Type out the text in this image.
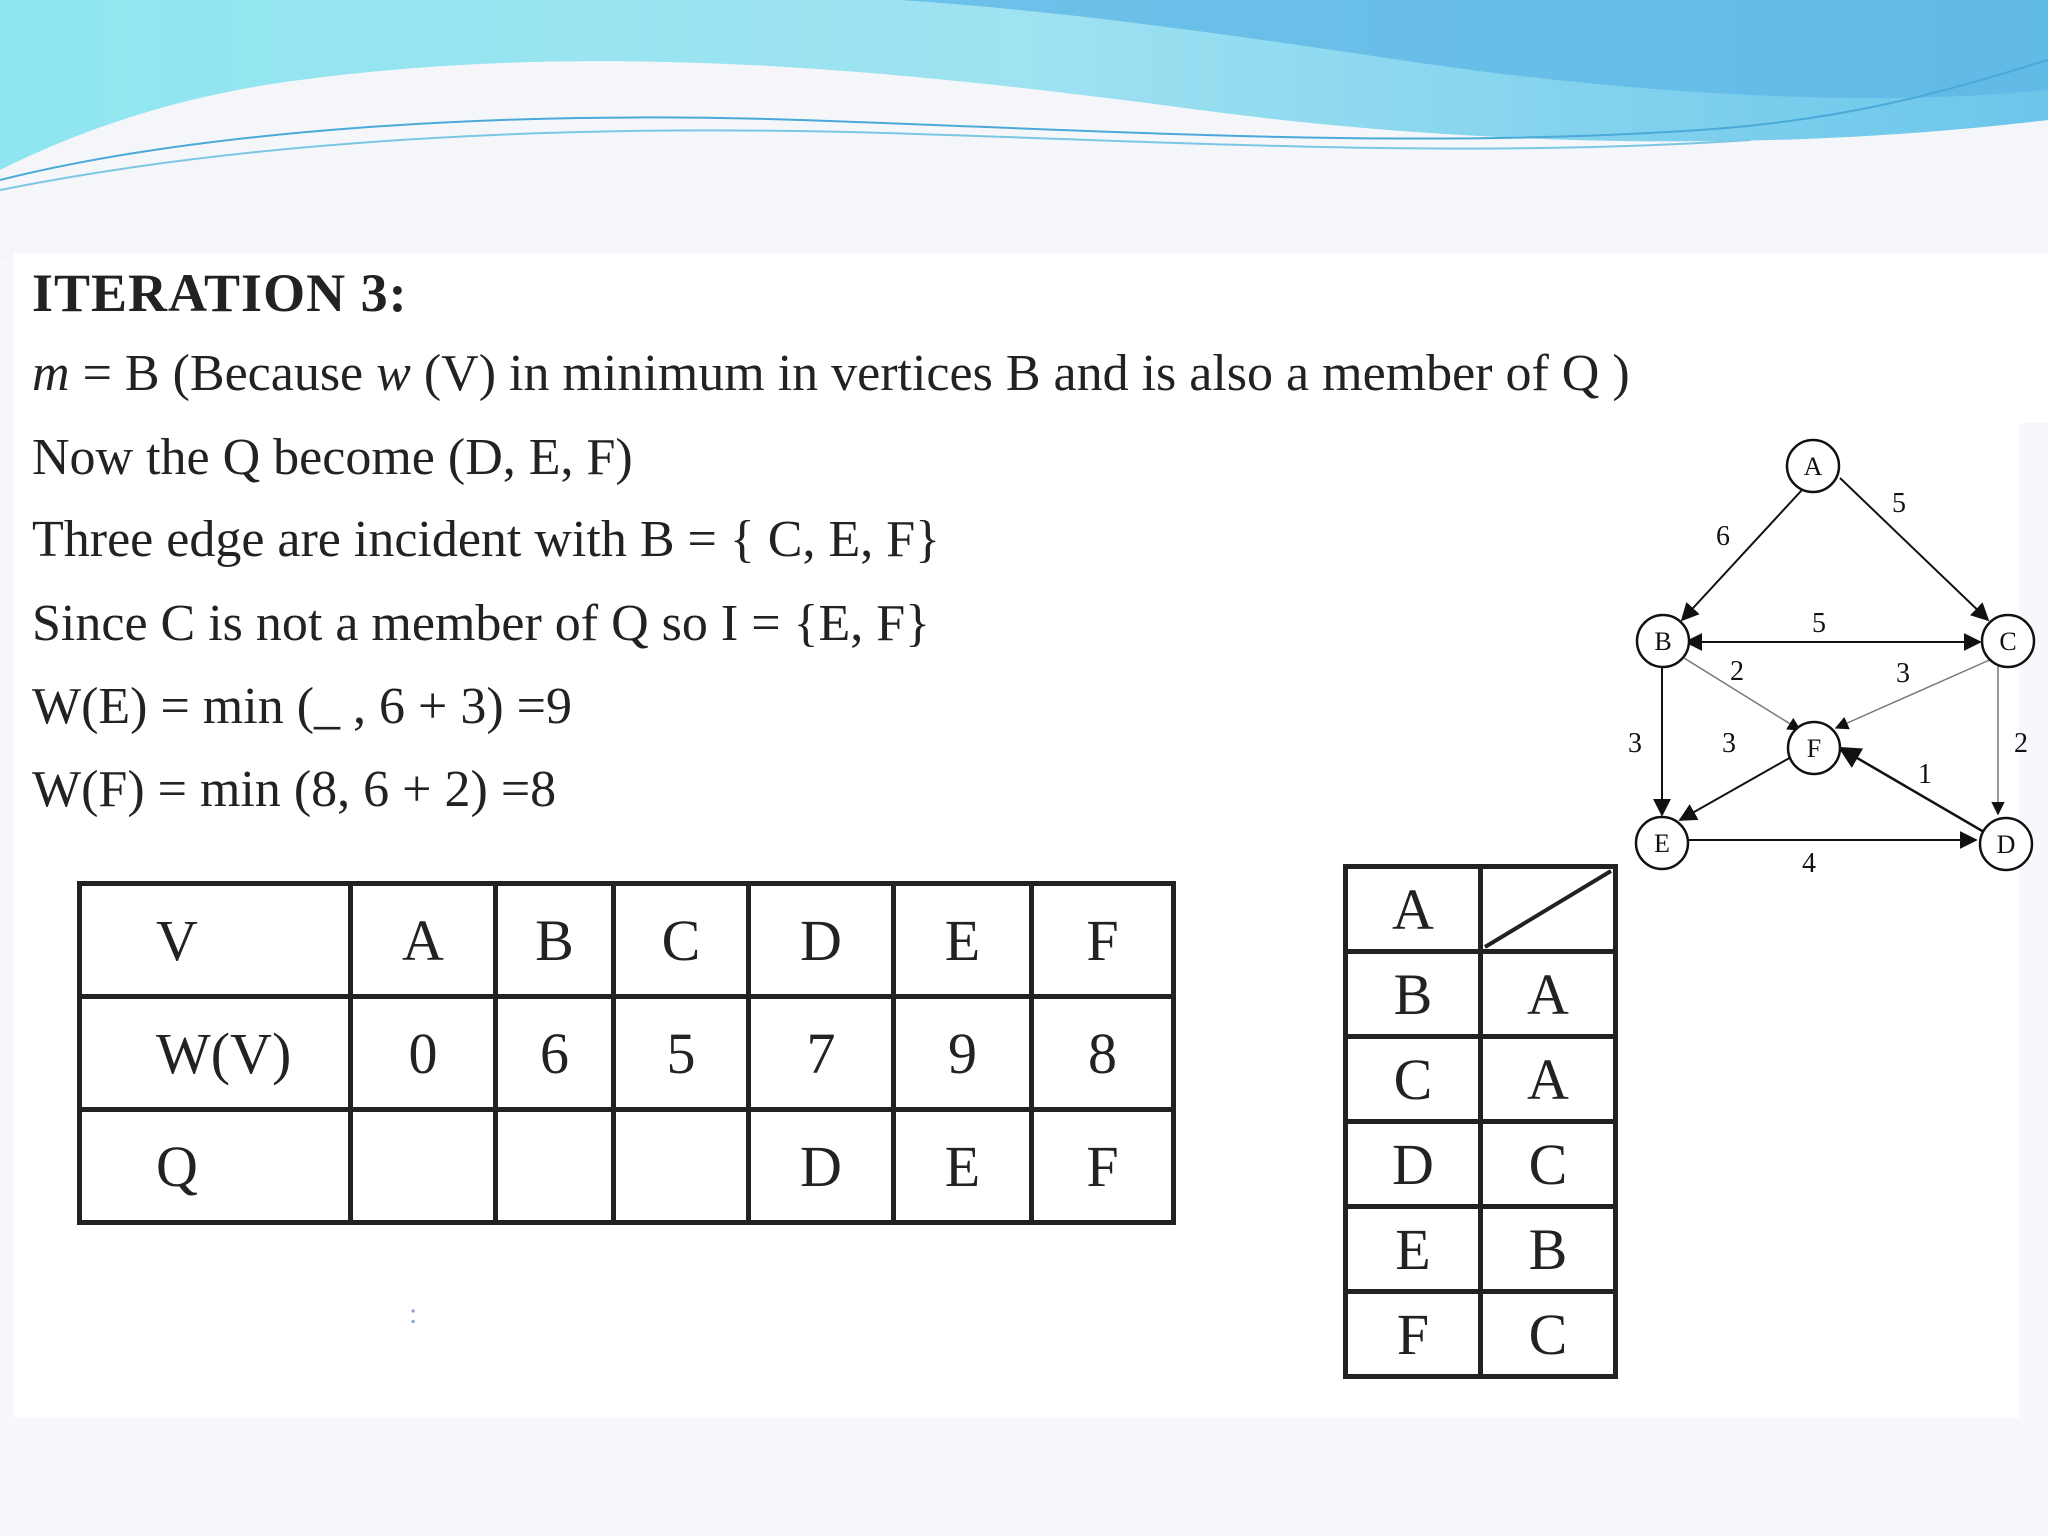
ITERATION 3:
m = B (Because w (V) in minimum in vertices B and is also a member of Q )
Now the Q become (D, E, F)
Three edge are incident with B = { C, E, F}
Since C is not a member of Q so I = {E, F}
W(E) = min (_ , 6 + 3) =9
W(F) = min (8, 6 + 2) =8
V	A	B	C	D	E	F
W(V)	0	6	5	7	9	8
Q				D	E	F
A	

B	A
C	A
D	C
E	B
F	C
6
5
5
2	3
3	3	2
1
4
A
B	C
D
E
F
:
